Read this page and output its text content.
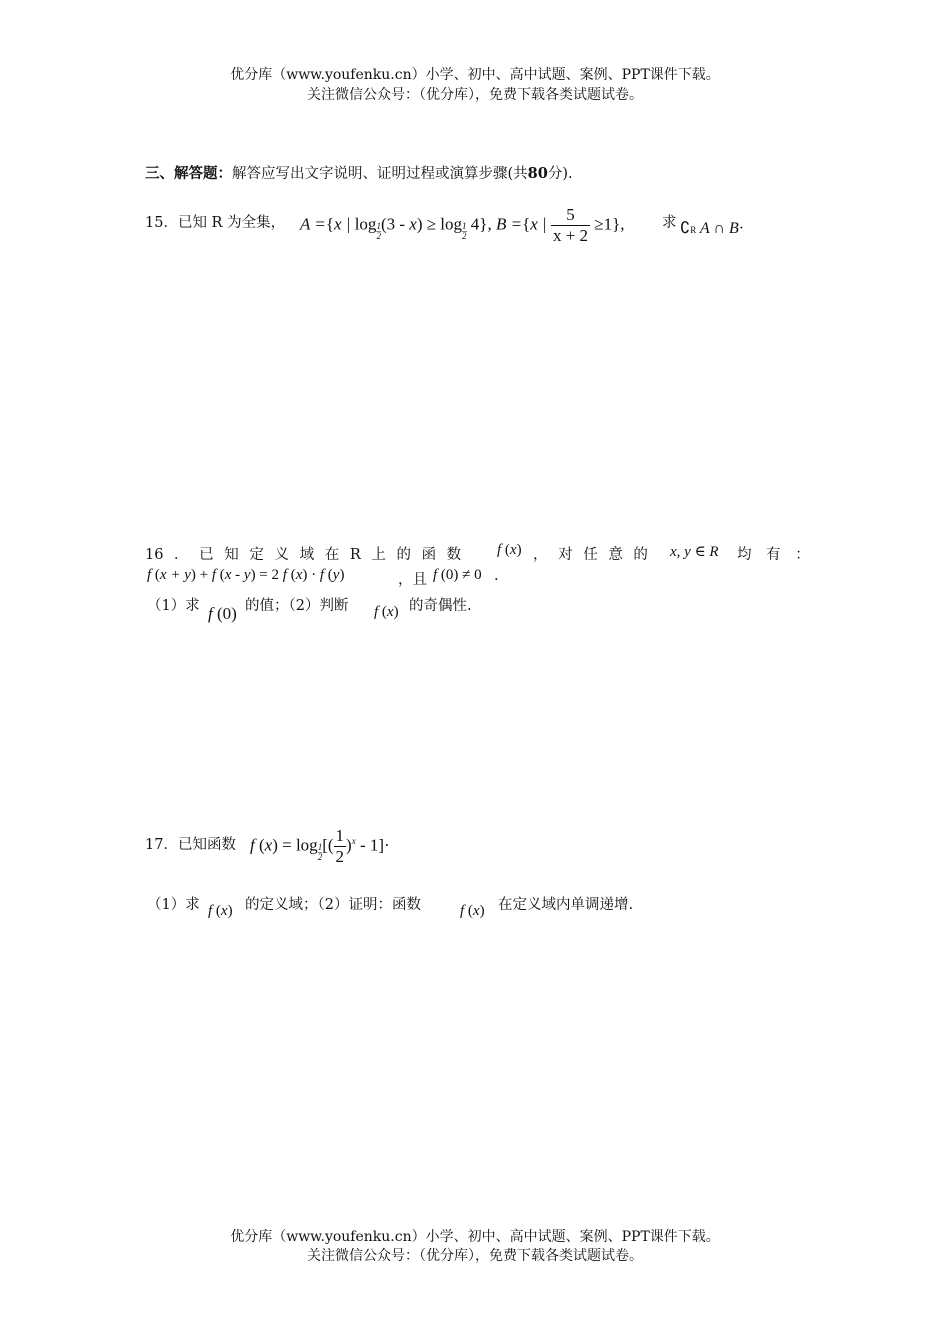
优分库（www.youfenku.cn）小学、初中、高中试题、案例、PPT课件下载。
关注微信公众号：（优分库），免费下载各类试题试卷。
三、解答题：解答应写出文字说明、证明过程或演算步骤(共80分).
15．已知 R 为全集， A ={x | $\log\frac{1}{2} (3 - x) \ge \log\frac{1}{2} 4$}, B ={x | $\frac{5}{x + 2} \ge 1$},	求 ∁R A ∩ B·
16 ． 已 知 定 义 域 在 R 上 的 函 数 f (x) ， 对 任 意 的 x, y ∈ R 均 有 ：
f (x + y) + f (x - y) = 2 f (x) · f (y)	，且 f (0) ≠ 0 .
（1）求 f (0) 的值；（2）判断 f (x) 的奇偶性.
17．已知函数 f $(x) = \log\frac{1}{2}$ [( $\frac{1}{2} )^x - 1]\cdot$
（1）求 f (x) 的定义域；（2）证明：函数	f (x) 在定义域内单调递增.
优分库（www.youfenku.cn）小学、初中、高中试题、案例、PPT课件下载。
关注微信公众号：（优分库），免费下载各类试题试卷。
